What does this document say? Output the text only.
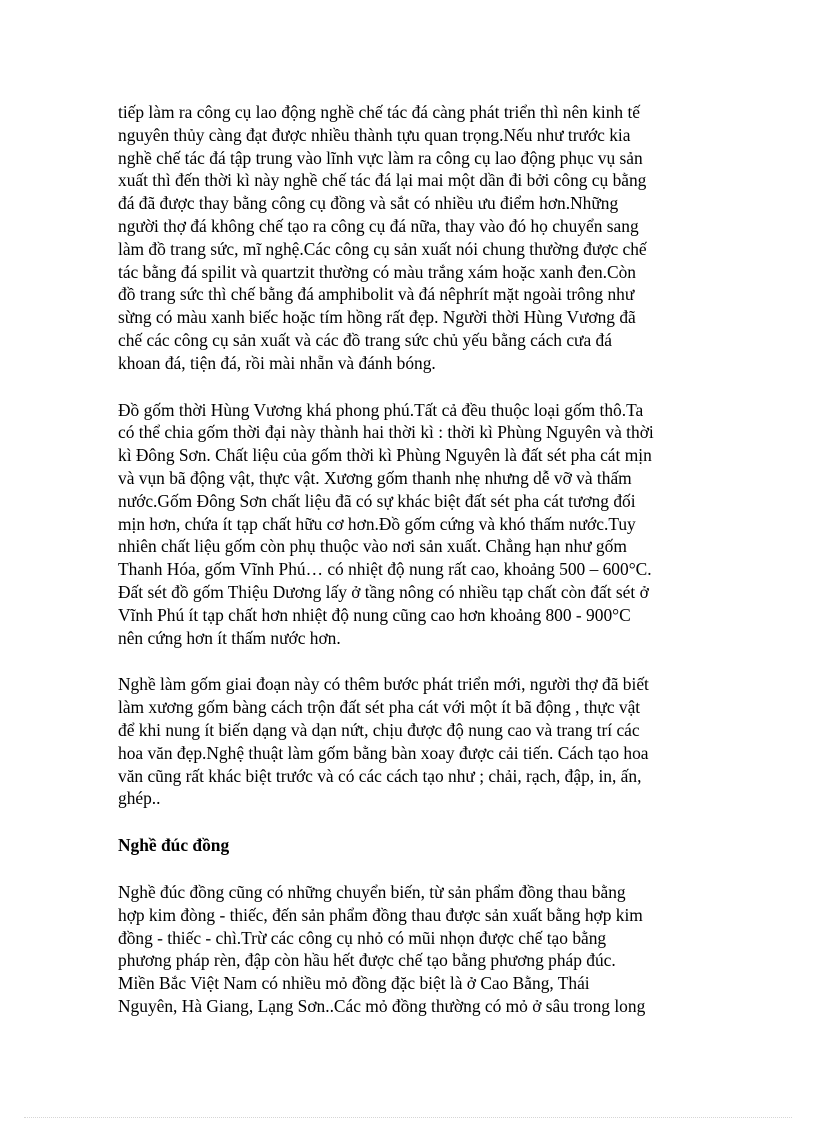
tiếp làm ra công cụ lao động nghề chế tác đá càng phát triển thì nên kinh tế
nguyên thủy càng đạt được nhiều thành tựu quan trọng.Nếu như trước kia
nghề chế tác đá tập trung vào lĩnh vực làm ra công cụ lao động phục vụ sản
xuất thì đến thời kì này nghề chế tác đá lại mai một dần đi bởi công cụ bằng
đá đã được thay bằng công cụ đồng và sắt có nhiều ưu điểm hơn.Những
người thợ đá không chế tạo ra công cụ đá nữa, thay vào đó họ chuyển sang
làm đồ trang sức, mĩ nghệ.Các công cụ sản xuất nói chung thường được chế
tác bằng đá spilit và quartzit thường có màu trắng xám hoặc xanh đen.Còn
đồ trang sức thì chế bằng đá amphibolit và đá nêphrít mặt ngoài trông như
sừng có màu xanh biếc hoặc tím hồng rất đẹp. Người thời Hùng Vương đã
chế các công cụ sản xuất và các đồ trang sức chủ yếu bằng cách cưa đá
khoan đá, tiện đá, rồi mài nhẵn và đánh bóng.

Đồ gốm thời Hùng Vương khá phong phú.Tất cả đều thuộc loại gốm thô.Ta
có thể chia gốm thời đại này thành hai thời kì : thời kì Phùng Nguyên và thời
kì Đông Sơn. Chất liệu của gốm thời kì Phùng Nguyên là đất sét pha cát mịn
và vụn bã động vật, thực vật. Xương gốm thanh nhẹ nhưng dễ vỡ và thấm
nước.Gốm Đông Sơn chất liệu đã có sự khác biệt đất sét pha cát tương đối
mịn hơn, chứa ít tạp chất hữu cơ hơn.Đồ gốm cứng và khó thấm nước.Tuy
nhiên chất liệu gốm còn phụ thuộc vào nơi sản xuất. Chẳng hạn như gốm
Thanh Hóa, gốm Vĩnh Phú… có nhiệt độ nung rất cao, khoảng 500 – 600°C.
Đất sét đồ gốm Thiệu Dương lấy ở tầng nông có nhiều tạp chất còn đất sét ở
Vĩnh Phú ít tạp chất hơn nhiệt độ nung cũng cao hơn khoảng 800 - 900°C
nên cứng hơn ít thấm nước hơn.

Nghề làm gốm giai đoạn này có thêm bước phát triển mới, người thợ đã biết
làm xương gốm bàng cách trộn đất sét pha cát với một ít bã động , thực vật
để khi nung ít biến dạng và dạn nứt, chịu được độ nung cao và trang trí các
hoa văn đẹp.Nghệ thuật làm gốm bằng bàn xoay được cải tiến. Cách tạo hoa
văn cũng rất khác biệt trước và có các cách tạo như ; chải, rạch, đập, in, ấn,
ghép..

Nghề đúc đồng

Nghề đúc đồng cũng có những chuyển biến, từ sản phẩm đồng thau bằng
hợp kim đòng - thiếc, đến sản phẩm đồng thau được sản xuất bằng hợp kim
đồng - thiếc - chì.Trừ các công cụ nhỏ có mũi nhọn được chế tạo bằng
phương pháp rèn, đập còn hầu hết được chế tạo bằng phương pháp đúc.
Miền Bắc Việt Nam có nhiều mỏ đồng đặc biệt là ở Cao Bằng, Thái
Nguyên, Hà Giang, Lạng Sơn..Các mỏ đồng thường có mỏ ở sâu trong long
